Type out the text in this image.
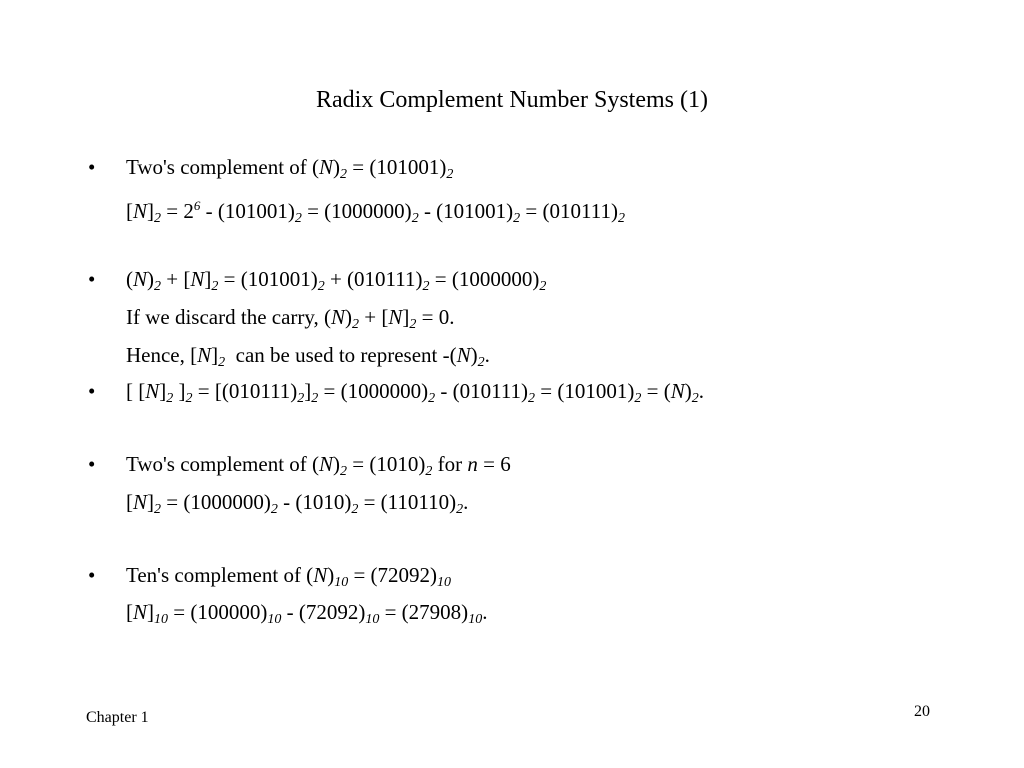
Radix Complement Number Systems (1)
• Two's complement of $(N)_2 = (101001)_2$
$[N]_2 = 2^6 - (101001)_2 = (1000000)_2 - (101001)_2 = (010111)_2$
• $(N)_2 + [N]_2 = (101001)_2 + (010111)_2 = (1000000)_2$
If we discard the carry, $(N)_2 + [N]_2 = 0$.
Hence, $[N]_2$  can be used to represent $-(N)_2$.
• [ $[N]_2$ ]$_2 = [(010111)_2]_2 = (1000000)_2 - (010111)_2 = (101001)_2 = (N)_2$.
• Two's complement of $(N)_2 = (1010)_2$ for n = 6
$[N]_2 = (1000000)_2 - (1010)_2 = (110110)_2$.
• Ten's complement of $(N)_{10} = (72092)_{10}$
$[N]_{10} = (100000)_{10} - (72092)_{10} = (27908)_{10}$.
Chapter 1	20
